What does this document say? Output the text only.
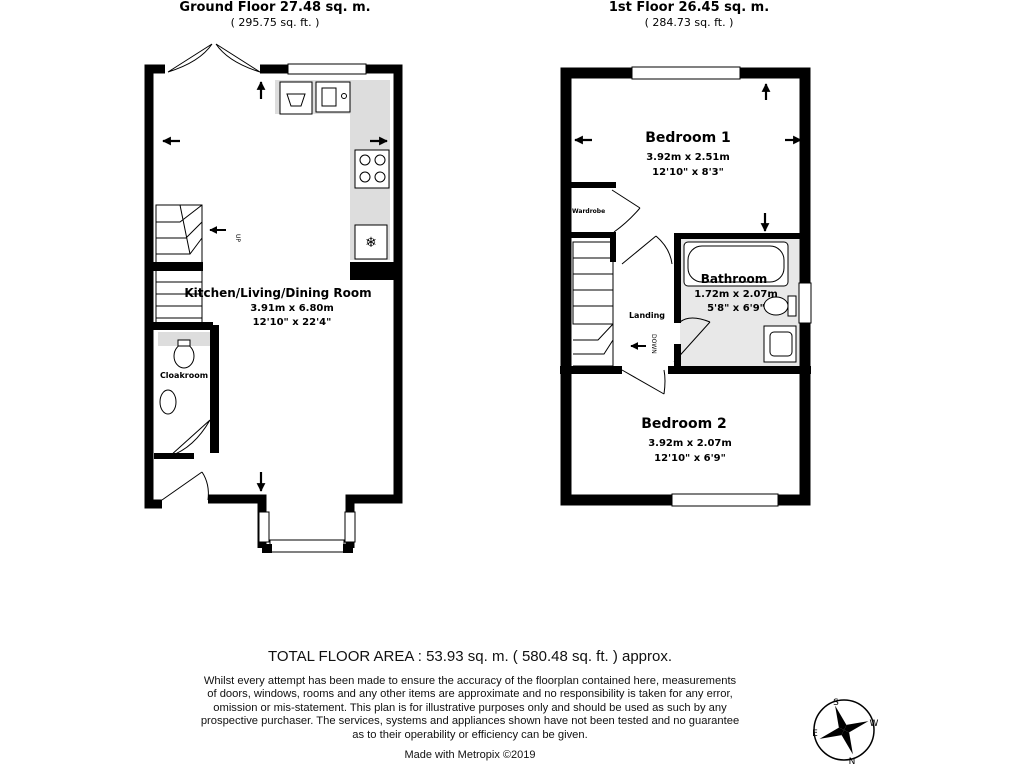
Ground Floor 27.48 sq. m.
( 295.75 sq. ft. )
1st Floor 26.45 sq. m.
( 284.73 sq. ft. )
UP	❄
Kitchen/Living/Dining Room
3.91m x 6.80m
12'10" x 22'4"
Cloakroom
DOWN
Bedroom 1
3.92m x 2.51m
12'10" x 8'3"
Wardrobe
Bathroom
1.72m x 2.07m
5'8" x 6'9"
Landing
Bedroom 2
3.92m x 2.07m
12'10" x 6'9"
TOTAL FLOOR AREA : 53.93 sq. m. ( 580.48 sq. ft. ) approx.
Whilst every attempt has been made to ensure the accuracy of the floorplan contained here, measurements
of doors, windows, rooms and any other items are approximate and no responsibility is taken for any error,
omission or mis-statement. This plan is for illustrative purposes only and should be used as such by any
prospective purchaser. The services, systems and appliances shown have not been tested and no guarantee
as to their operability or efficiency can be given.
Made with Metropix ©2019
S
N
W
E
